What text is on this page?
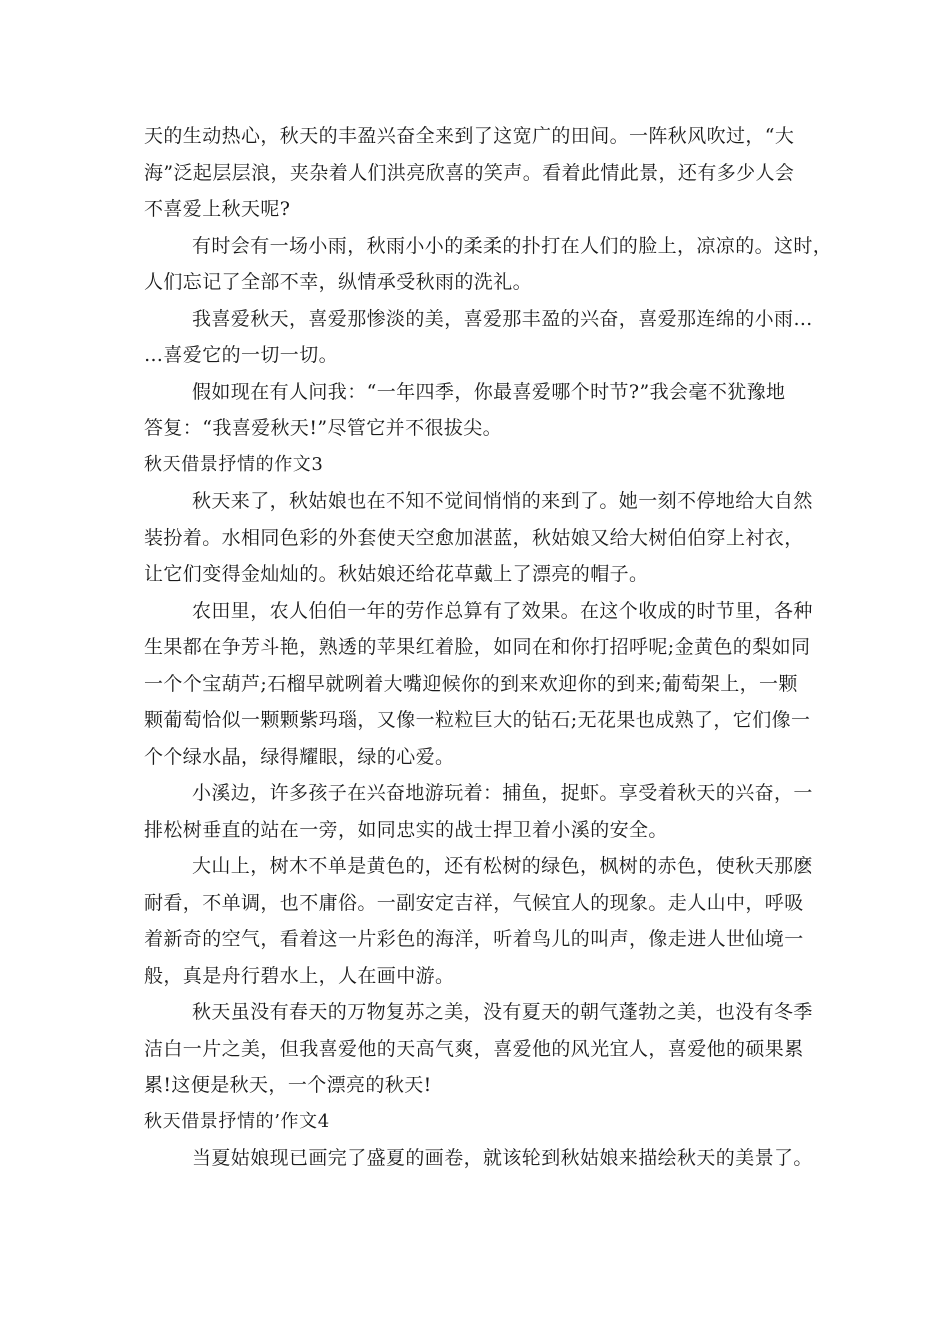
天的生动热心，秋天的丰盈兴奋全来到了这宽广的田间。一阵秋风吹过，“大
海”泛起层层浪，夹杂着人们洪亮欣喜的笑声。看着此情此景，还有多少人会
不喜爱上秋天呢?
有时会有一场小雨，秋雨小小的柔柔的扑打在人们的脸上，凉凉的。这时，
人们忘记了全部不幸，纵情承受秋雨的洗礼。
我喜爱秋天，喜爱那惨淡的美，喜爱那丰盈的兴奋，喜爱那连绵的小雨…
…喜爱它的一切一切。
假如现在有人问我：“一年四季，你最喜爱哪个时节?”我会毫不犹豫地
答复：“我喜爱秋天!”尽管它并不很拔尖。
秋天借景抒情的作文3
秋天来了，秋姑娘也在不知不觉间悄悄的来到了。她一刻不停地给大自然
装扮着。水相同色彩的外套使天空愈加湛蓝，秋姑娘又给大树伯伯穿上衬衣，
让它们变得金灿灿的。秋姑娘还给花草戴上了漂亮的帽子。
农田里，农人伯伯一年的劳作总算有了效果。在这个收成的时节里，各种
生果都在争芳斗艳，熟透的苹果红着脸，如同在和你打招呼呢;金黄色的梨如同
一个个宝葫芦;石榴早就咧着大嘴迎候你的到来欢迎你的到来;葡萄架上，一颗
颗葡萄恰似一颗颗紫玛瑙，又像一粒粒巨大的钻石;无花果也成熟了，它们像一
个个绿水晶，绿得耀眼，绿的心爱。
小溪边，许多孩子在兴奋地游玩着：捕鱼，捉虾。享受着秋天的兴奋，一
排松树垂直的站在一旁，如同忠实的战士捍卫着小溪的安全。
大山上，树木不单是黄色的，还有松树的绿色，枫树的赤色，使秋天那麽
耐看，不单调，也不庸俗。一副安定吉祥，气候宜人的现象。走人山中，呼吸
着新奇的空气，看着这一片彩色的海洋，听着鸟儿的叫声，像走进人世仙境一
般，真是舟行碧水上，人在画中游。
秋天虽没有春天的万物复苏之美，没有夏天的朝气蓬勃之美，也没有冬季
洁白一片之美，但我喜爱他的天高气爽，喜爱他的风光宜人，喜爱他的硕果累
累!这便是秋天，一个漂亮的秋天!
秋天借景抒情的’作文4
当夏姑娘现已画完了盛夏的画卷，就该轮到秋姑娘来描绘秋天的美景了。
